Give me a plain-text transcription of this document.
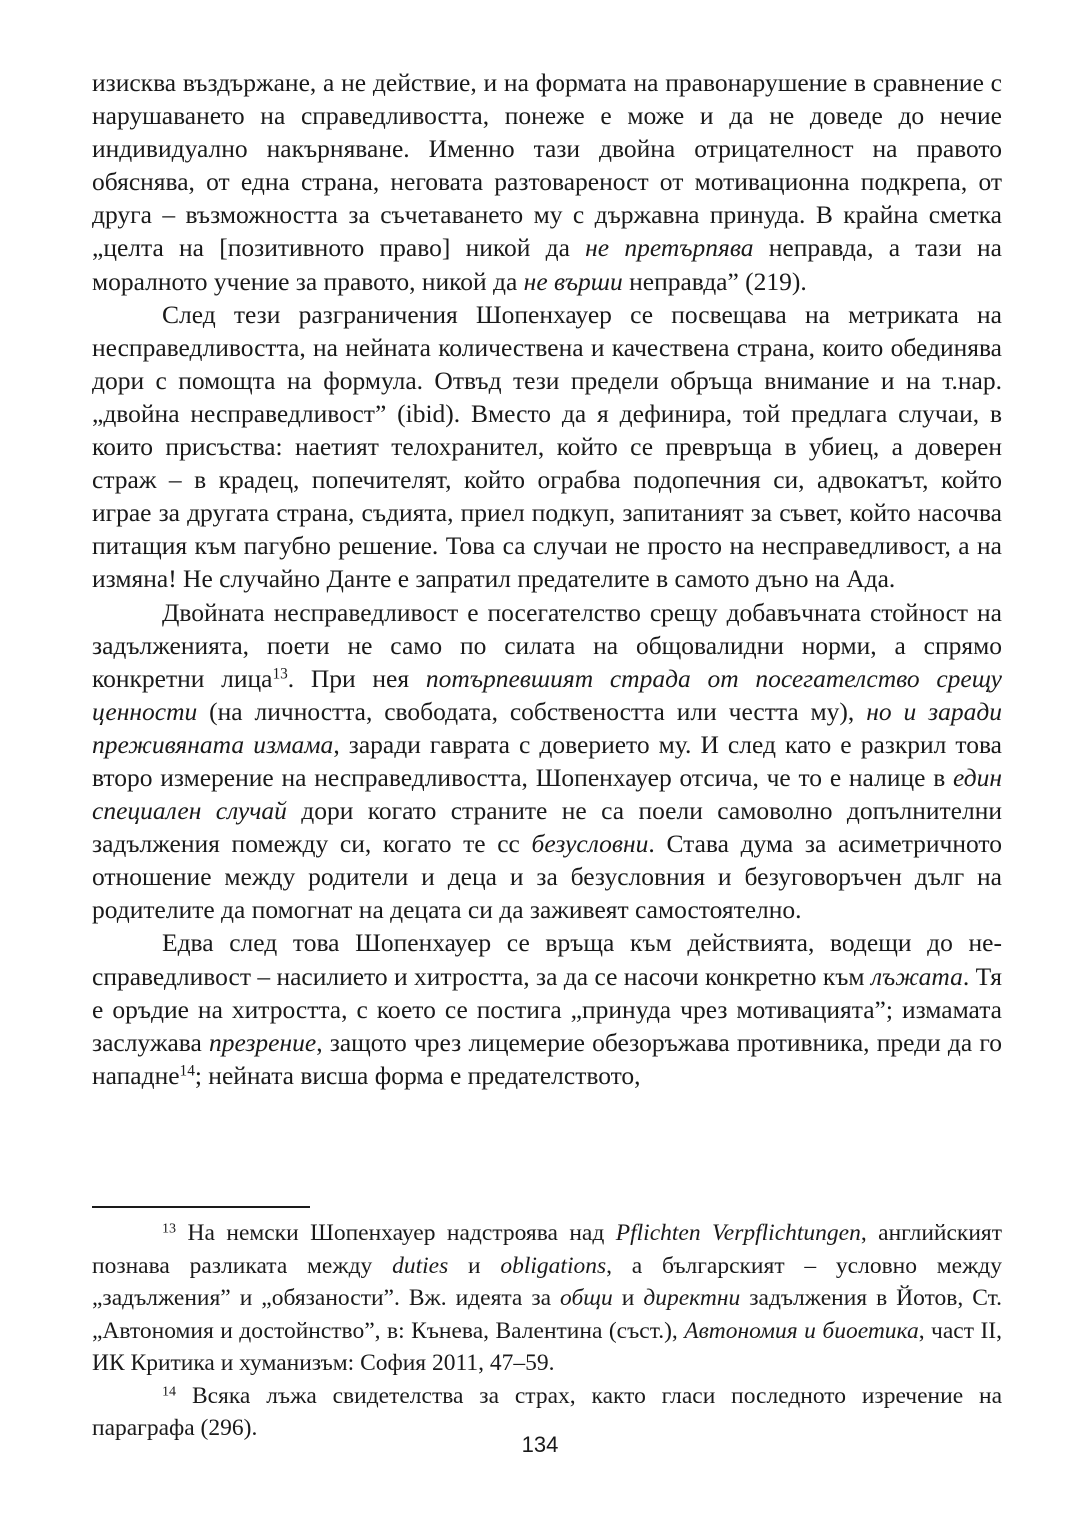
изисква въздържане, а не действие, и на формата на правонарушение в сравнение с нарушаването на справедливостта, понеже е може и да не доведе до нечие индивидуално накърняване. Именно тази двойна отрицателност на правото обяснява, от една страна, неговата разтовареност от мотивационна подкрепа, от друга – възможността за съчетаването му с държавна принуда. В крайна сметка „целта на [позитивното право] никой да не претърпява неправда, а тази на моралното учение за правото, никой да не върши неправда” (219).

След тези разграничения Шопенхауер се посвещава на метриката на несправедливостта, на нейната количествена и качествена страна, които обединява дори с помощта на формула. Отвъд тези предели обръща внимание и на т.нар. „двойна несправедливост” (ibid). Вместо да я дефинира, той предлага случаи, в които присъства: наетият телохранител, който се превръща в убиец, а доверен страж – в крадец, попечителят, който ограбва подопечния си, адвокатът, който играе за другата страна, съдията, приел подкуп, запитаният за съвет, който насочва питащия към пагубно решение. Това са случаи не просто на несправедливост, а на измяна! Не случайно Данте е запратил предателите в самото дъно на Ада.

Двойната несправедливост е посегателство срещу добавъчната стойност на задълженията, поети не само по силата на общовалидни норми, а спрямо конкретни лица$^{13}$. При нея потърпевшият страда от посегателство срещу ценности (на личността, свободата, собствеността или честта му), но и заради преживяната измама, заради гаврата с доверието му. И след като е разкрил това второ измерение на несправедливостта, Шопенхауер отсича, че то е налице в един специален случай дори когато страните не са поели самоволно допълнителни задължения помежду си, когато те сс безусловни. Става дума за асиметричното отношение между родители и деца и за безусловния и безуговоръчен дълг на родителите да помогнат на децата си да заживеят самостоятелно.

Едва след това Шопенхауер се връща към действията, водещи до несправедливост – насилието и хитростта, за да се насочи конкретно към лъжата. Тя е оръдие на хитростта, с което се постига „принуда чрез мотивацията”; измамата заслужава презрение, защото чрез лицемерие обезоръжава противника, преди да го нападне$^{14}$; нейната висша форма е предателството,

$^{13}$ На немски Шопенхауер надстроява над Pflichten Verpflichtungen, английският познава разликата между duties и obligations, а българският – условно между „задължения” и „обязаности”. Вж. идеята за общи и директни задължения в Йотов, Ст. „Автономия и достойнство”, в: Кънева, Валентина (съст.), Автономия и биоетика, част II, ИК Критика и хуманизъм: София 2011, 47–59.

$^{14}$ Всяка лъжа свидетелства за страх, както гласи последното изречение на параграфа (296).

134
